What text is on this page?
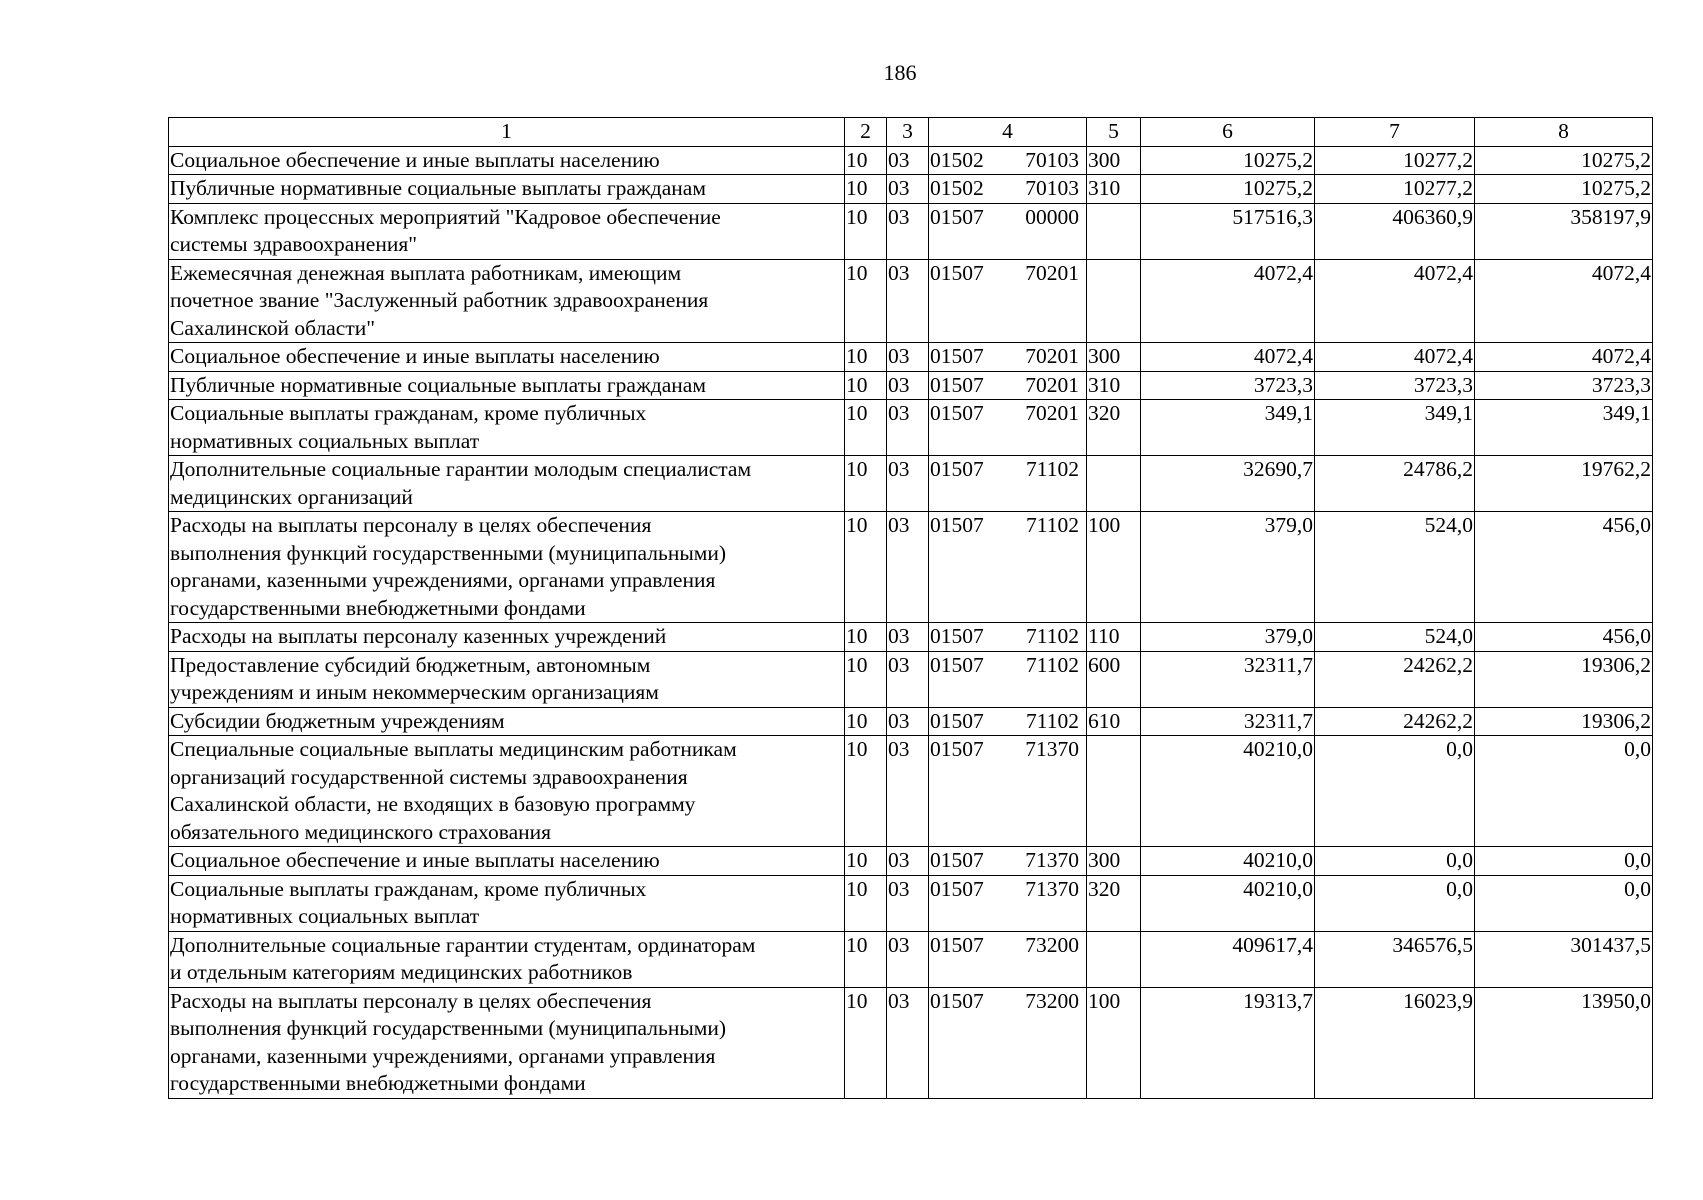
186
1	2	3	4	5	6	7	8
Социальное обеспечение и иные выплаты населению	10	03	01502 70103	300	10275,2	10277,2	10275,2
Публичные нормативные социальные выплаты гражданам	10	03	01502 70103	310	10275,2	10277,2	10275,2
Комплекс процессных мероприятий "Кадровое обеспечение
системы здравоохранения"	10	03	01507 00000		517516,3	406360,9	358197,9
Ежемесячная денежная выплата работникам, имеющим
почетное звание "Заслуженный работник здравоохранения
Сахалинской области"	10	03	01507 70201		4072,4	4072,4	4072,4
Социальное обеспечение и иные выплаты населению	10	03	01507 70201	300	4072,4	4072,4	4072,4
Публичные нормативные социальные выплаты гражданам	10	03	01507 70201	310	3723,3	3723,3	3723,3
Социальные выплаты гражданам, кроме публичных
нормативных социальных выплат	10	03	01507 70201	320	349,1	349,1	349,1
Дополнительные социальные гарантии молодым специалистам
медицинских организаций	10	03	01507 71102		32690,7	24786,2	19762,2
Расходы на выплаты персоналу в целях обеспечения
выполнения функций государственными (муниципальными)
органами, казенными учреждениями, органами управления
государственными внебюджетными фондами	10	03	01507 71102	100	379,0	524,0	456,0
Расходы на выплаты персоналу казенных учреждений	10	03	01507 71102	110	379,0	524,0	456,0
Предоставление субсидий бюджетным, автономным
учреждениям и иным некоммерческим организациям	10	03	01507 71102	600	32311,7	24262,2	19306,2
Субсидии бюджетным учреждениям	10	03	01507 71102	610	32311,7	24262,2	19306,2
Специальные социальные выплаты медицинским работникам
организаций государственной системы здравоохранения
Сахалинской области, не входящих в базовую программу
обязательного медицинского страхования	10	03	01507 71370		40210,0	0,0	0,0
Социальное обеспечение и иные выплаты населению	10	03	01507 71370	300	40210,0	0,0	0,0
Социальные выплаты гражданам, кроме публичных
нормативных социальных выплат	10	03	01507 71370	320	40210,0	0,0	0,0
Дополнительные социальные гарантии студентам, ординаторам
и отдельным категориям медицинских работников	10	03	01507 73200		409617,4	346576,5	301437,5
Расходы на выплаты персоналу в целях обеспечения
выполнения функций государственными (муниципальными)
органами, казенными учреждениями, органами управления
государственными внебюджетными фондами	10	03	01507 73200	100	19313,7	16023,9	13950,0
